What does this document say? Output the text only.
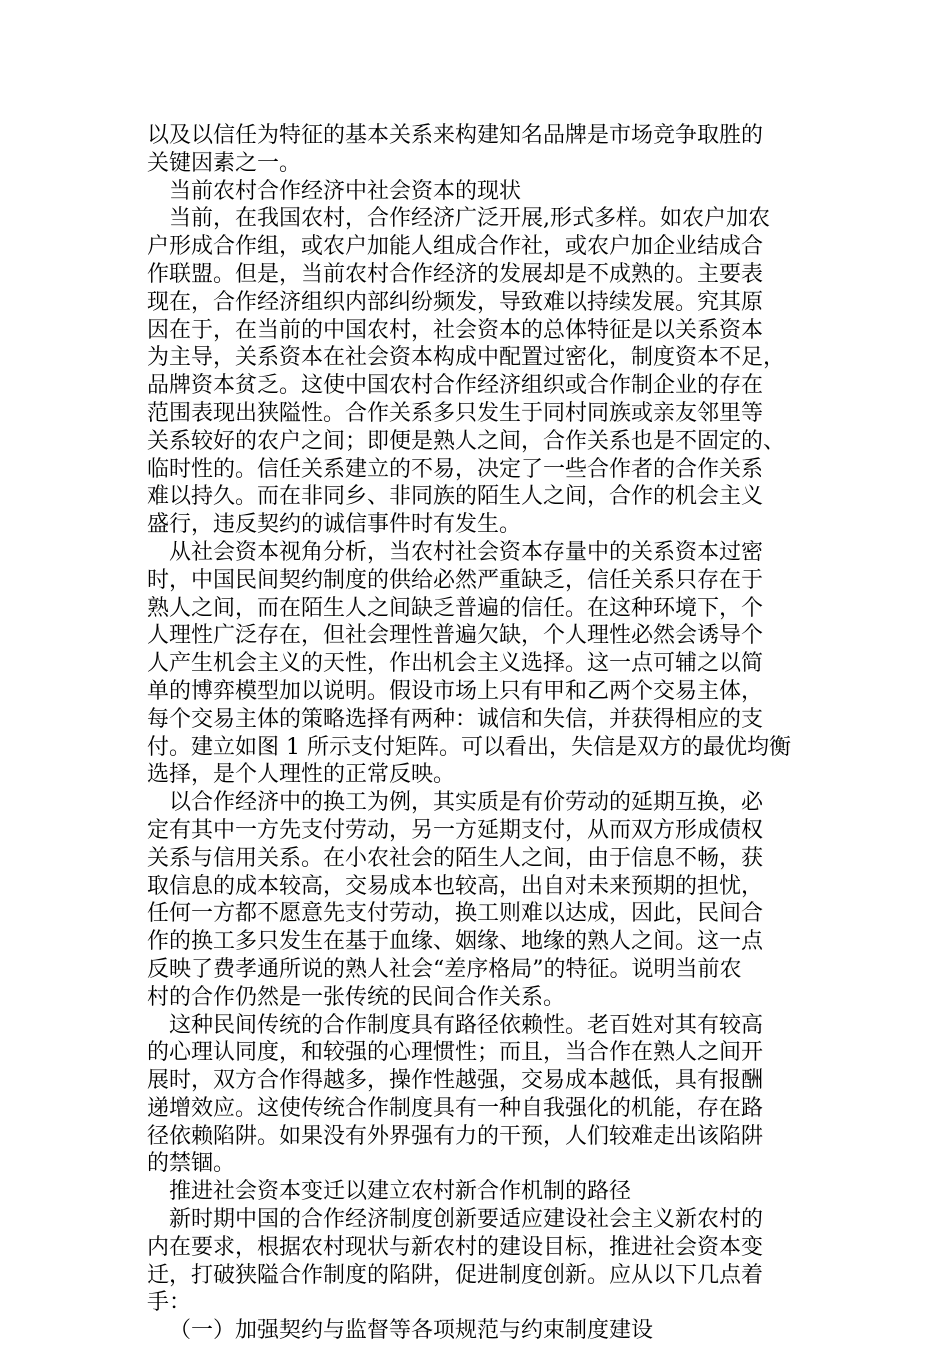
以及以信任为特征的基本关系来构建知名品牌是市场竞争取胜的
关键因素之一。
当前农村合作经济中社会资本的现状
当前，在我国农村，合作经济广泛开展,形式多样。如农户加农
户形成合作组，或农户加能人组成合作社，或农户加企业结成合
作联盟。但是，当前农村合作经济的发展却是不成熟的。主要表
现在，合作经济组织内部纠纷频发，导致难以持续发展。究其原
因在于，在当前的中国农村，社会资本的总体特征是以关系资本
为主导，关系资本在社会资本构成中配置过密化，制度资本不足，
品牌资本贫乏。这使中国农村合作经济组织或合作制企业的存在
范围表现出狭隘性。合作关系多只发生于同村同族或亲友邻里等
关系较好的农户之间；即便是熟人之间，合作关系也是不固定的、
临时性的。信任关系建立的不易，决定了一些合作者的合作关系
难以持久。而在非同乡、非同族的陌生人之间，合作的机会主义
盛行，违反契约的诚信事件时有发生。
从社会资本视角分析，当农村社会资本存量中的关系资本过密
时，中国民间契约制度的供给必然严重缺乏，信任关系只存在于
熟人之间，而在陌生人之间缺乏普遍的信任。在这种环境下，个
人理性广泛存在，但社会理性普遍欠缺，个人理性必然会诱导个
人产生机会主义的天性，作出机会主义选择。这一点可辅之以简
单的博弈模型加以说明。假设市场上只有甲和乙两个交易主体，
每个交易主体的策略选择有两种：诚信和失信，并获得相应的支
付。建立如图 1 所示支付矩阵。可以看出，失信是双方的最优均衡
选择，是个人理性的正常反映。
以合作经济中的换工为例，其实质是有价劳动的延期互换，必
定有其中一方先支付劳动，另一方延期支付，从而双方形成债权
关系与信用关系。在小农社会的陌生人之间，由于信息不畅，获
取信息的成本较高，交易成本也较高，出自对未来预期的担忧，
任何一方都不愿意先支付劳动，换工则难以达成，因此，民间合
作的换工多只发生在基于血缘、姻缘、地缘的熟人之间。这一点
反映了费孝通所说的熟人社会“差序格局”的特征。说明当前农
村的合作仍然是一张传统的民间合作关系。
这种民间传统的合作制度具有路径依赖性。老百姓对其有较高
的心理认同度，和较强的心理惯性；而且，当合作在熟人之间开
展时，双方合作得越多，操作性越强，交易成本越低，具有报酬
递增效应。这使传统合作制度具有一种自我强化的机能，存在路
径依赖陷阱。如果没有外界强有力的干预，人们较难走出该陷阱
的禁锢。
推进社会资本变迁以建立农村新合作机制的路径
新时期中国的合作经济制度创新要适应建设社会主义新农村的
内在要求，根据农村现状与新农村的建设目标，推进社会资本变
迁，打破狭隘合作制度的陷阱，促进制度创新。应从以下几点着
手：
（一）加强契约与监督等各项规范与约束制度建设
